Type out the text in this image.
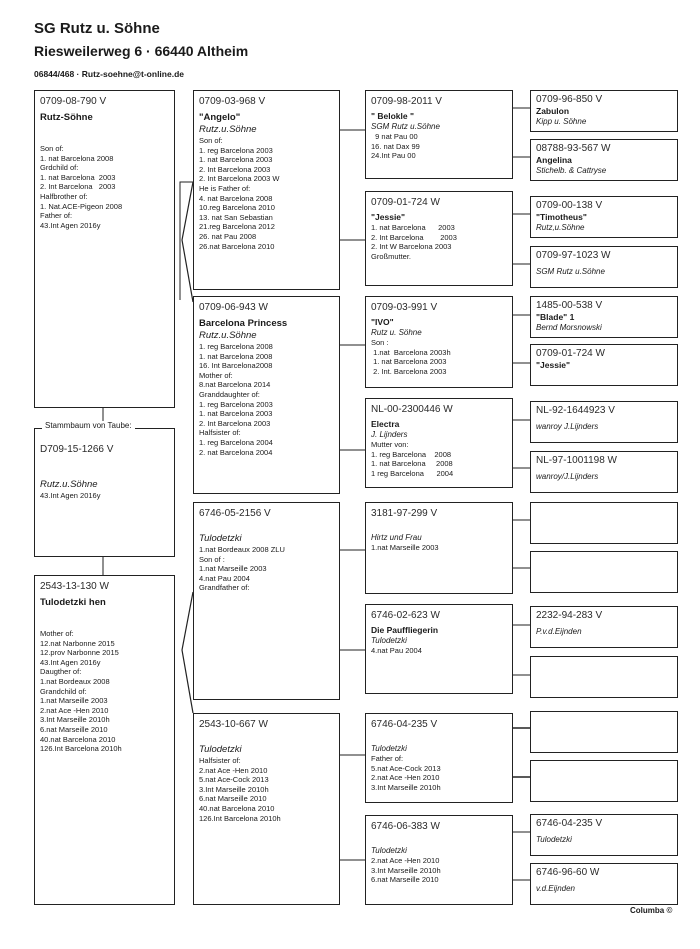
SG Rutz u. Söhne
Riesweilerweg 6 · 66440 Altheim
06844/468 · Rutz-soehne@t-online.de
0709-08-790 V
Rutz-Söhne
Son of:
1. nat Barcelona 2008
Grdchild of:
1. nat Barcelona  2003
2. Int Barcelona   2003
Halfbrother of:
1. Nat.ACE-Pigeon 2008
Father of:
43.Int Agen 2016y
Stammbaum von Taube:
D709-15-1266 V
Rutz.u.Söhne
43.Int Agen 2016y
2543-13-130 W
Tulodetzki hen
Mother of:
12.nat Narbonne 2015
12.prov Narbonne 2015
43.Int Agen 2016y
Daugther of:
1.nat Bordeaux 2008
Grandchild of:
1.nat Marseille 2003
2.nat Ace -Hen 2010
3.Int Marseille 2010h
6.nat Marseille 2010
40.nat Barcelona 2010
126.Int Barcelona 2010h
0709-03-968 V
"Angelo"
Rutz.u.Söhne
Son of:
1. reg Barcelona 2003
1. nat Barcelona 2003
2. Int Barcelona 2003
2. Int Barcelona 2003 W
He is Father of:
4. nat Barcelona 2008
10.reg Barcelona 2010
13. nat San Sebastian
21.reg Barcelona 2012
26. nat Pau 2008
26.nat Barcelona 2010
0709-06-943 W
Barcelona Princess
Rutz.u.Söhne
1. reg Barcelona 2008
1. nat Barcelona 2008
16. Int Barcelona2008
Mother of:
8.nat Barcelona 2014
Granddaughter of:
1. reg Barcelona 2003
1. nat Barcelona 2003
2. Int Barcelona 2003
Halfsister of:
1. reg Barcelona 2004
2. nat Barcelona 2004
6746-05-2156 V
Tulodetzki
1.nat Bordeaux 2008 ZLU
Son of :
1.nat Marseille 2003
4.nat Pau 2004
Grandfather of:
2543-10-667 W
Tulodetzki
Halfsister of:
2.nat Ace -Hen 2010
5.nat Ace-Cock 2013
3.Int Marseille 2010h
6.nat Marseille 2010
40.nat Barcelona 2010
126.Int Barcelona 2010h
0709-98-2011 V
" Belokle "
SGM Rutz u.Söhne
9 nat Pau 00
16. nat Dax 99
24.Int Pau 00
0709-01-724 W
"Jessie"
1. nat Barcelona      2003
2. Int Barcelona        2003
2. Int W Barcelona 2003
Großmutter.
0709-03-991 V
"IVO"
Rutz u. Söhne
Son :
1.nat  Barcelona 2003h
1. nat Barcelona 2003
2. Int. Barcelona 2003
NL-00-2300446 W
Electra
J. Lijnders
Mutter von:
1. reg Barcelona    2008
1. nat Barcelona     2008
1 reg Barcelona      2004
3181-97-299 V
Hirtz und Frau
1.nat Marseille 2003
6746-02-623 W
Die Pauffliegerin
Tulodetzki
4.nat Pau 2004
6746-04-235 V
Tulodetzki
Father of:
5.nat Ace-Cock 2013
2.nat Ace -Hen 2010
3.Int Marseille 2010h
6746-06-383 W
Tulodetzki
2.nat Ace -Hen 2010
3.Int Marseille 2010h
6.nat Marseille 2010
0709-96-850 V
Zabulon
Kipp u. Söhne
08788-93-567 W
Angelina
Stichelb. & Cattryse
0709-00-138 V
"Timotheus"
Rutz,u.Söhne
0709-97-1023 W
SGM Rutz u.Söhne
1485-00-538 V
"Blade" 1
Bernd Morsnowski
0709-01-724 W
"Jessie"
NL-92-1644923 V
wanroy J.Lijnders
NL-97-1001198 W
wanroy/J.Lijnders
2232-94-283 V
P.v.d.Eijnden
6746-04-235 V
Tulodetzki
6746-96-60 W
v.d.Eijnden
Columba ©
